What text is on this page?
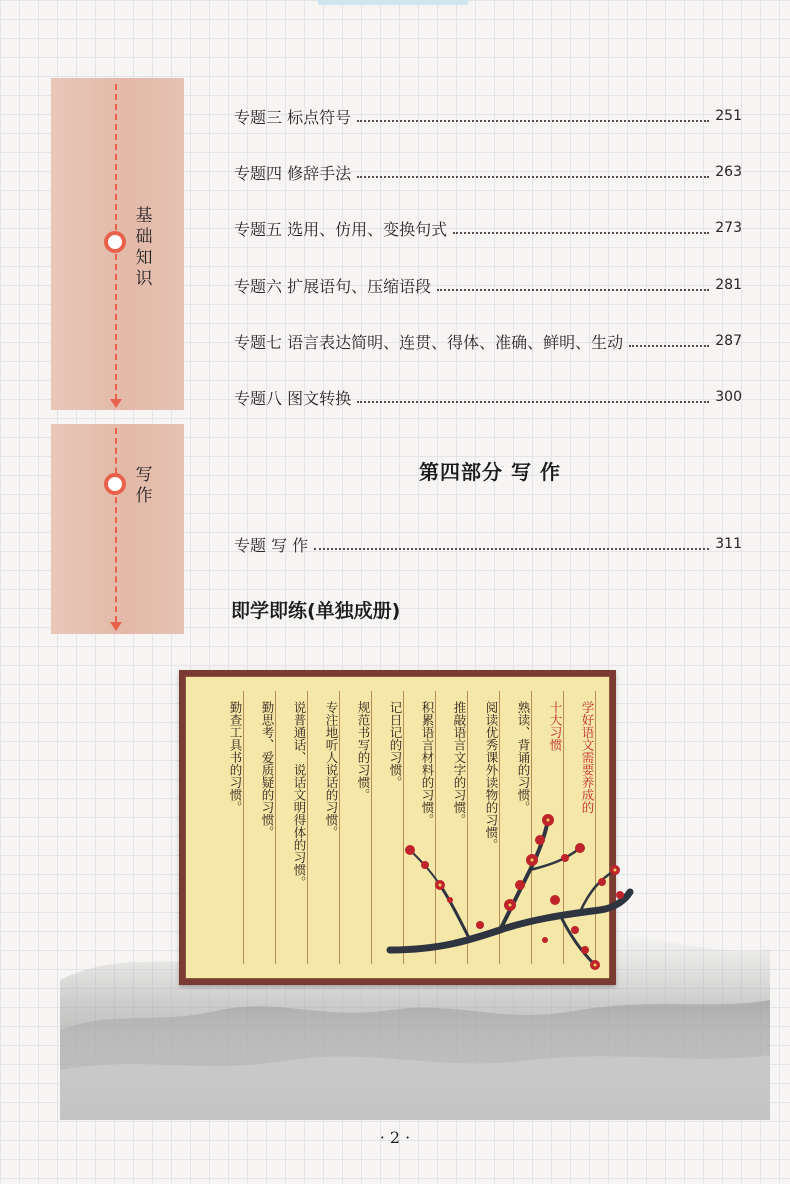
基础知识
写作
专题三 标点符号	251
专题四 修辞手法	263
专题五 选用、仿用、变换句式	273
专题六 扩展语句、压缩语段	281
专题七 语言表达简明、连贯、得体、准确、鲜明、生动	287
专题八 图文转换	300
第四部分 写 作
专题 写 作	311
即学即练(单独成册)
学好语文需要养成的
十大习惯
熟读、背诵的习惯。
阅读优秀课外读物的习惯。
推敲语言文字的习惯。
积累语言材料的习惯。
记日记的习惯。
规范书写的习惯。
专注地听人说话的习惯。
说普通话、说话文明得体的习惯。
勤思考、爱质疑的习惯。
勤查工具书的习惯。
· 2 ·
